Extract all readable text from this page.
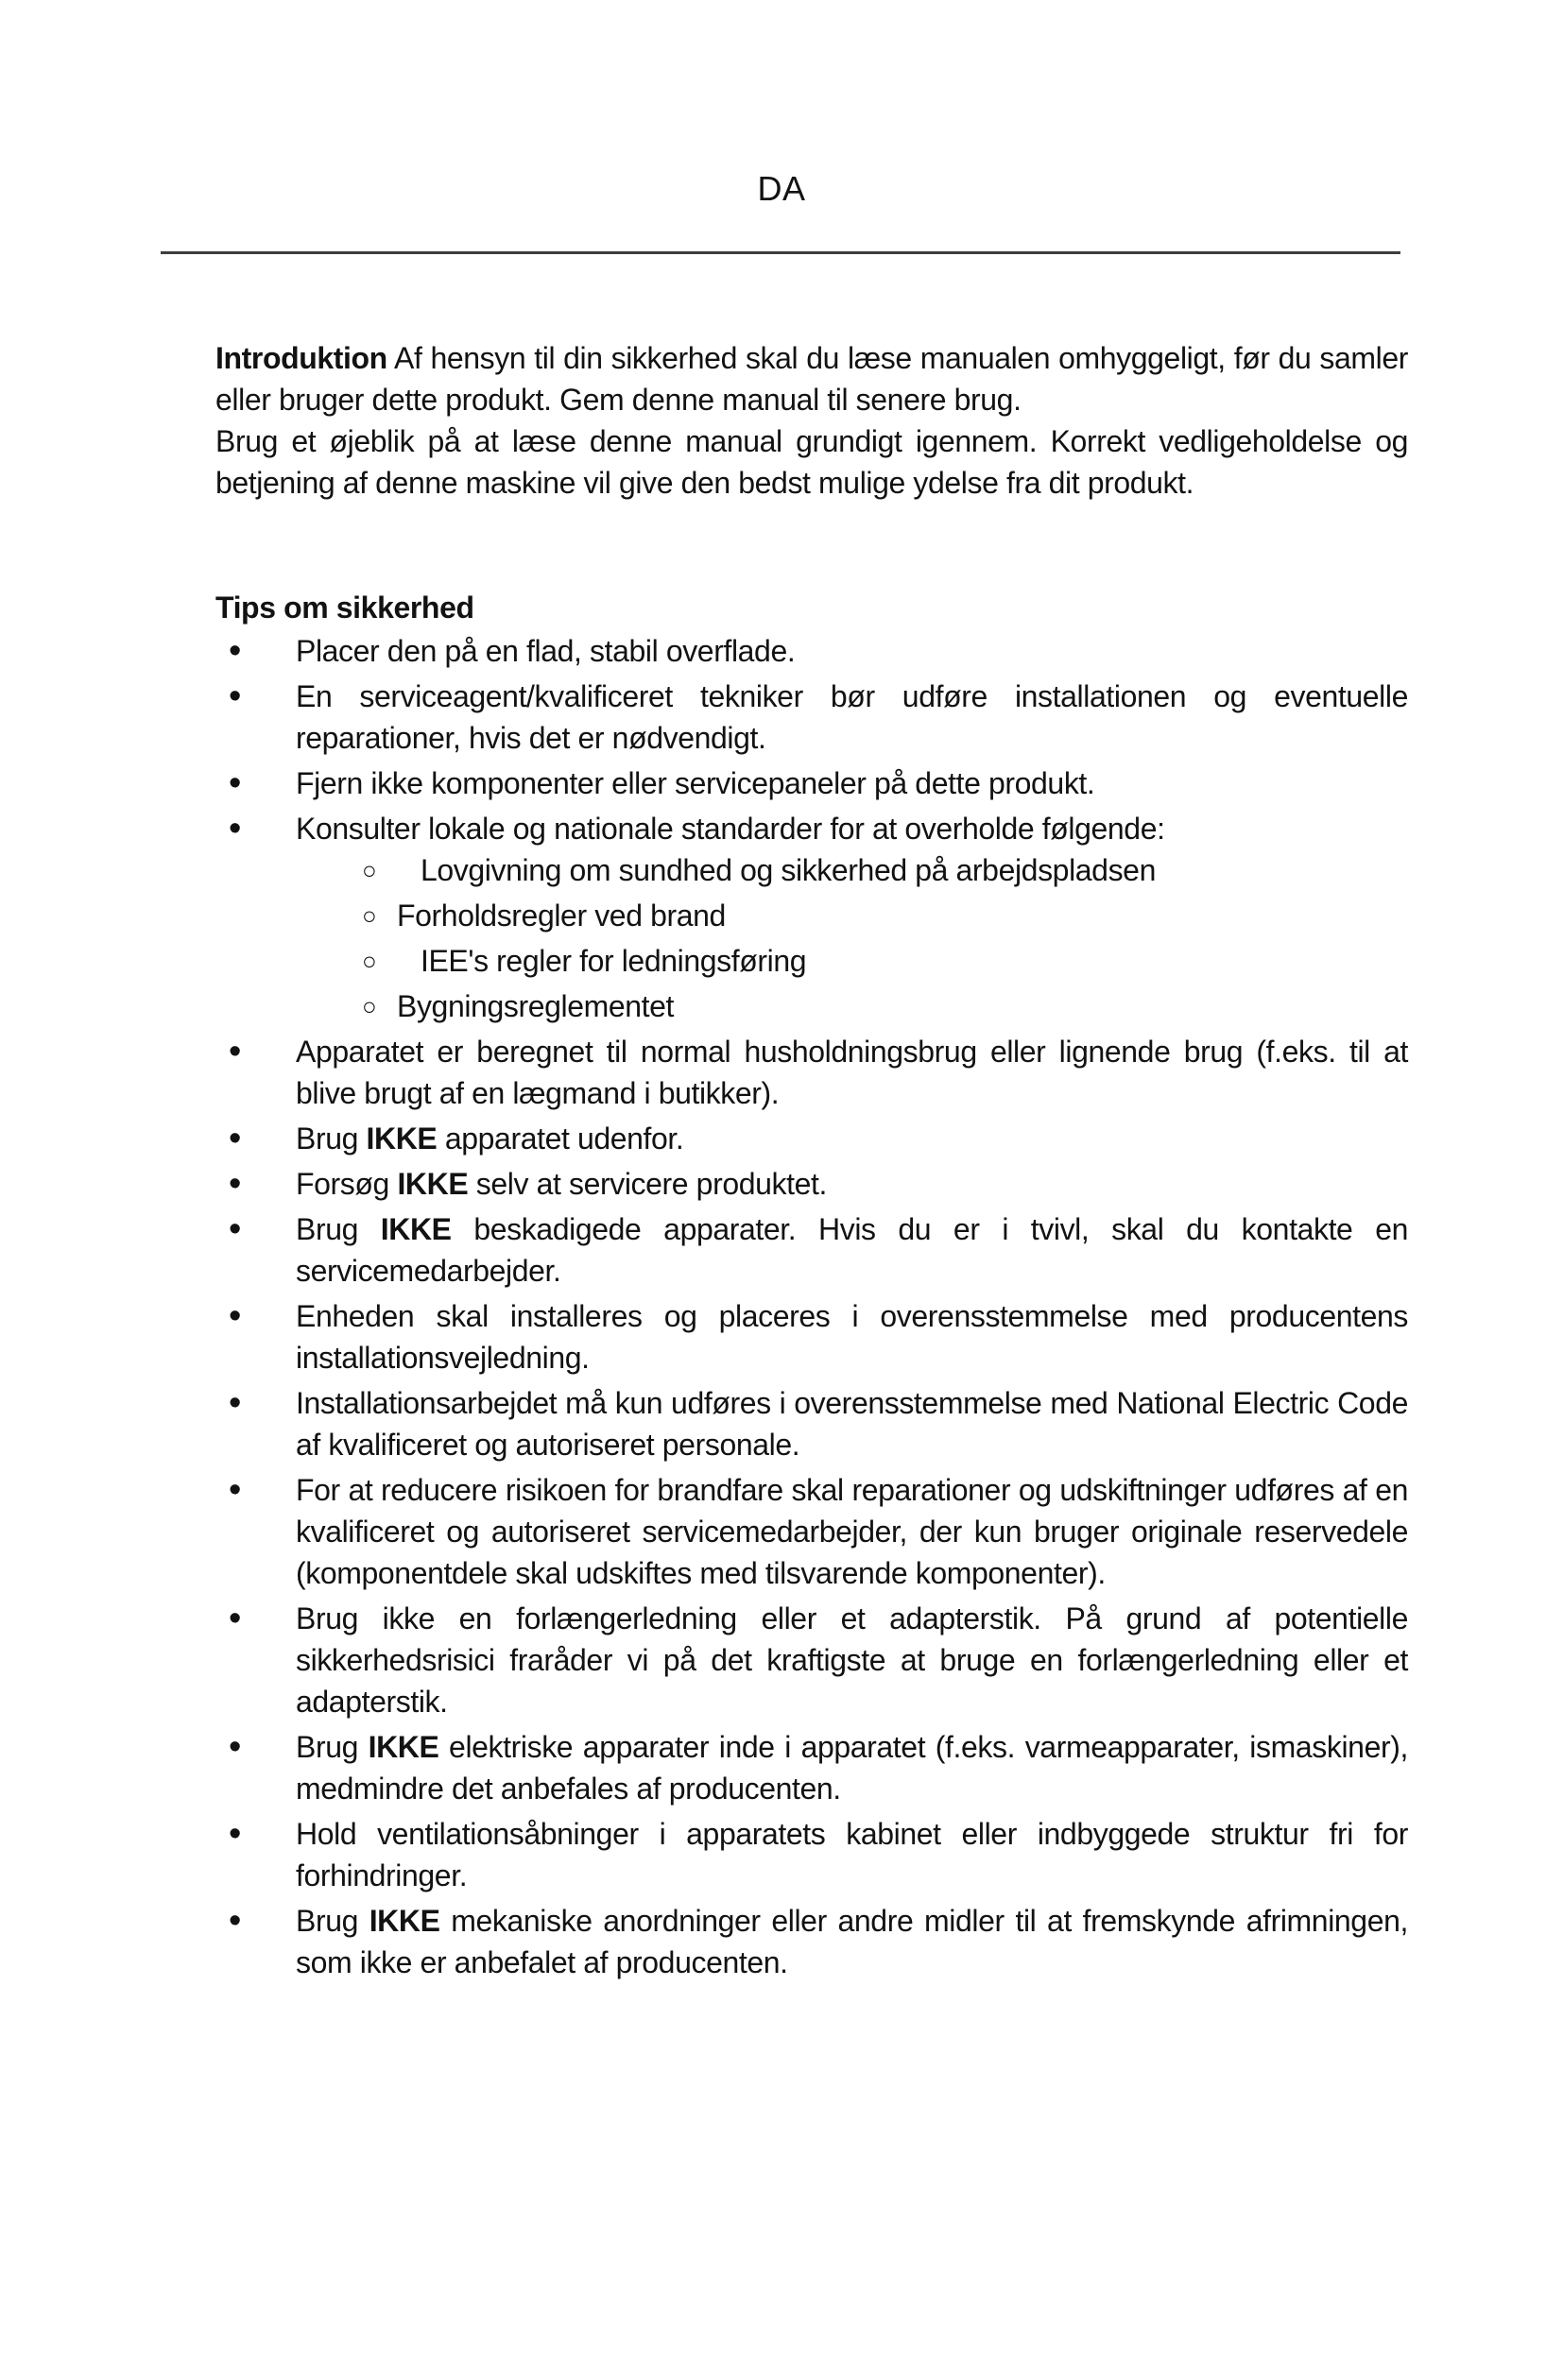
DA

Introduktion Af hensyn til din sikkerhed skal du læse manualen omhyggeligt, før du samler eller bruger dette produkt. Gem denne manual til senere brug.

Brug et øjeblik på at læse denne manual grundigt igennem. Korrekt vedligeholdelse og betjening af denne maskine vil give den bedst mulige ydelse fra dit produkt.

Tips om sikkerhed
• Placer den på en flad, stabil overflade.
• En serviceagent/kvalificeret tekniker bør udføre installationen og eventuelle reparationer, hvis det er nødvendigt.
• Fjern ikke komponenter eller servicepaneler på dette produkt.
• Konsulter lokale og nationale standarder for at overholde følgende:
○ Lovgivning om sundhed og sikkerhed på arbejdspladsen
○ Forholdsregler ved brand
○ IEE's regler for ledningsføring
○ Bygningsreglementet
• Apparatet er beregnet til normal husholdningsbrug eller lignende brug (f.eks. til at blive brugt af en lægmand i butikker).
• Brug IKKE apparatet udenfor.
• Forsøg IKKE selv at servicere produktet.
• Brug IKKE beskadigede apparater. Hvis du er i tvivl, skal du kontakte en servicemedarbejder.
• Enheden skal installeres og placeres i overensstemmelse med producentens installationsvejledning.
• Installationsarbejdet må kun udføres i overensstemmelse med National Electric Code af kvalificeret og autoriseret personale.
• For at reducere risikoen for brandfare skal reparationer og udskiftninger udføres af en kvalificeret og autoriseret servicemedarbejder, der kun bruger originale reservedele (komponentdele skal udskiftes med tilsvarende komponenter).
• Brug ikke en forlængerledning eller et adapterstik. På grund af potentielle sikkerhedsrisici fraråder vi på det kraftigste at bruge en forlængerledning eller et adapterstik.
• Brug IKKE elektriske apparater inde i apparatet (f.eks. varmeapparater, ismaskiner), medmindre det anbefales af producenten.
• Hold ventilationsåbninger i apparatets kabinet eller indbyggede struktur fri for forhindringer.
• Brug IKKE mekaniske anordninger eller andre midler til at fremskynde afrimningen, som ikke er anbefalet af producenten.
